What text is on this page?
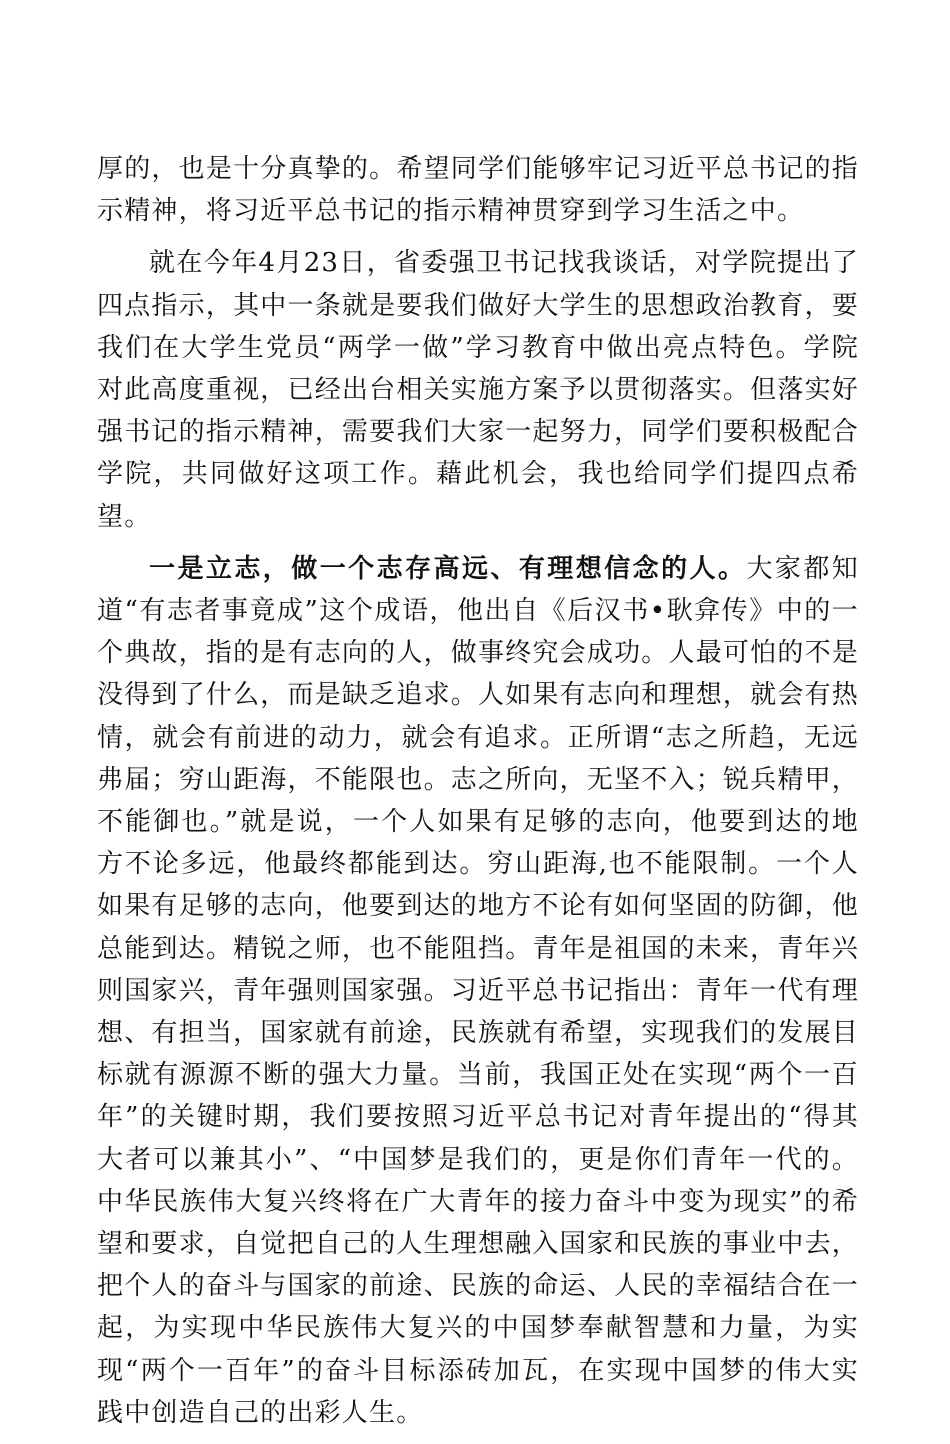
厚的，也是十分真挚的。希望同学们能够牢记习近平总书记的指示精神，将习近平总书记的指示精神贯穿到学习生活之中。

就在今年4月23日，省委强卫书记找我谈话，对学院提出了四点指示，其中一条就是要我们做好大学生的思想政治教育，要我们在大学生党员“两学一做”学习教育中做出亮点特色。学院对此高度重视，已经出台相关实施方案予以贯彻落实。但落实好强书记的指示精神，需要我们大家一起努力，同学们要积极配合学院，共同做好这项工作。藉此机会，我也给同学们提四点希望。

一是立志，做一个志存高远、有理想信念的人。大家都知道“有志者事竟成”这个成语，他出自《后汉书•耿弇传》中的一个典故，指的是有志向的人，做事终究会成功。人最可怕的不是没得到了什么，而是缺乏追求。人如果有志向和理想，就会有热情，就会有前进的动力，就会有追求。正所谓“志之所趋，无远弗届；穷山距海，不能限也。志之所向，无坚不入；锐兵精甲，不能御也。”就是说，一个人如果有足够的志向，他要到达的地方不论多远，他最终都能到达。穷山距海,也不能限制。一个人如果有足够的志向，他要到达的地方不论有如何坚固的防御，他总能到达。精锐之师，也不能阻挡。青年是祖国的未来，青年兴则国家兴，青年强则国家强。习近平总书记指出：青年一代有理想、有担当，国家就有前途，民族就有希望，实现我们的发展目标就有源源不断的强大力量。当前，我国正处在实现“两个一百年”的关键时期，我们要按照习近平总书记对青年提出的“得其大者可以兼其小”、“中国梦是我们的，更是你们青年一代的。中华民族伟大复兴终将在广大青年的接力奋斗中变为现实”的希望和要求，自觉把自己的人生理想融入国家和民族的事业中去，把个人的奋斗与国家的前途、民族的命运、人民的幸福结合在一起，为实现中华民族伟大复兴的中国梦奉献智慧和力量，为实现“两个一百年”的奋斗目标添砖加瓦，在实现中国梦的伟大实践中创造自己的出彩人生。
